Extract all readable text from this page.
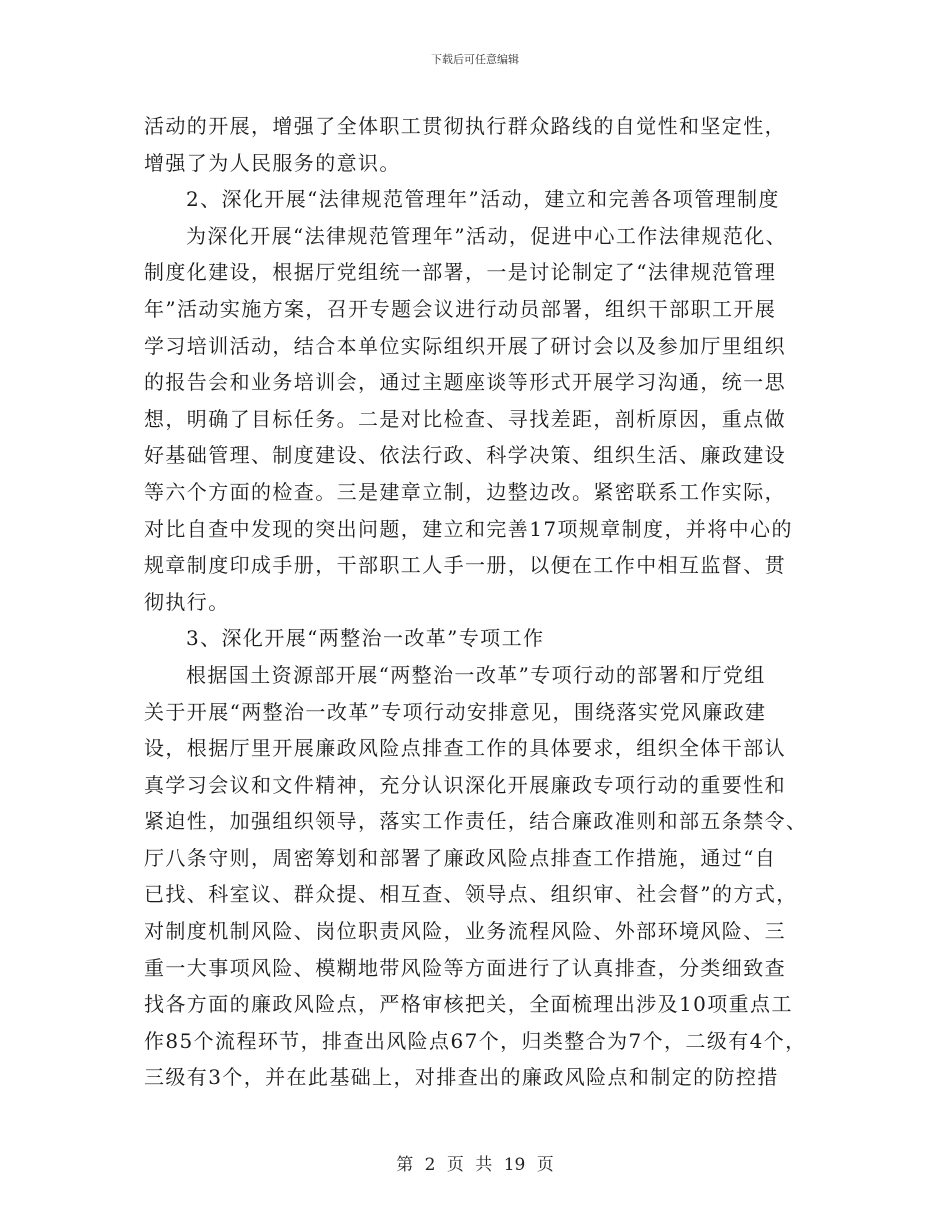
下载后可任意编辑
活动的开展，增强了全体职工贯彻执行群众路线的自觉性和坚定性，
增强了为人民服务的意识。
2、深化开展“法律规范管理年”活动，建立和完善各项管理制度
为深化开展“法律规范管理年”活动，促进中心工作法律规范化、
制度化建设，根据厅党组统一部署，一是讨论制定了“法律规范管理
年”活动实施方案，召开专题会议进行动员部署，组织干部职工开展
学习培训活动，结合本单位实际组织开展了研讨会以及参加厅里组织
的报告会和业务培训会，通过主题座谈等形式开展学习沟通，统一思
想，明确了目标任务。二是对比检查、寻找差距，剖析原因，重点做
好基础管理、制度建设、依法行政、科学决策、组织生活、廉政建设
等六个方面的检查。三是建章立制，边整边改。紧密联系工作实际，
对比自查中发现的突出问题，建立和完善17项规章制度，并将中心的
规章制度印成手册，干部职工人手一册，以便在工作中相互监督、贯
彻执行。
3、深化开展“两整治一改革”专项工作
根据国土资源部开展“两整治一改革”专项行动的部署和厅党组
关于开展“两整治一改革”专项行动安排意见，围绕落实党风廉政建
设，根据厅里开展廉政风险点排查工作的具体要求，组织全体干部认
真学习会议和文件精神，充分认识深化开展廉政专项行动的重要性和
紧迫性，加强组织领导，落实工作责任，结合廉政准则和部五条禁令、
厅八条守则，周密筹划和部署了廉政风险点排查工作措施，通过“自
已找、科室议、群众提、相互查、领导点、组织审、社会督”的方式，
对制度机制风险、岗位职责风险，业务流程风险、外部环境风险、三
重一大事项风险、模糊地带风险等方面进行了认真排查，分类细致查
找各方面的廉政风险点，严格审核把关，全面梳理出涉及10项重点工
作85个流程环节，排查出风险点67个，归类整合为7个，二级有4个，
三级有3个，并在此基础上，对排查出的廉政风险点和制定的防控措
第 2 页 共 19 页
